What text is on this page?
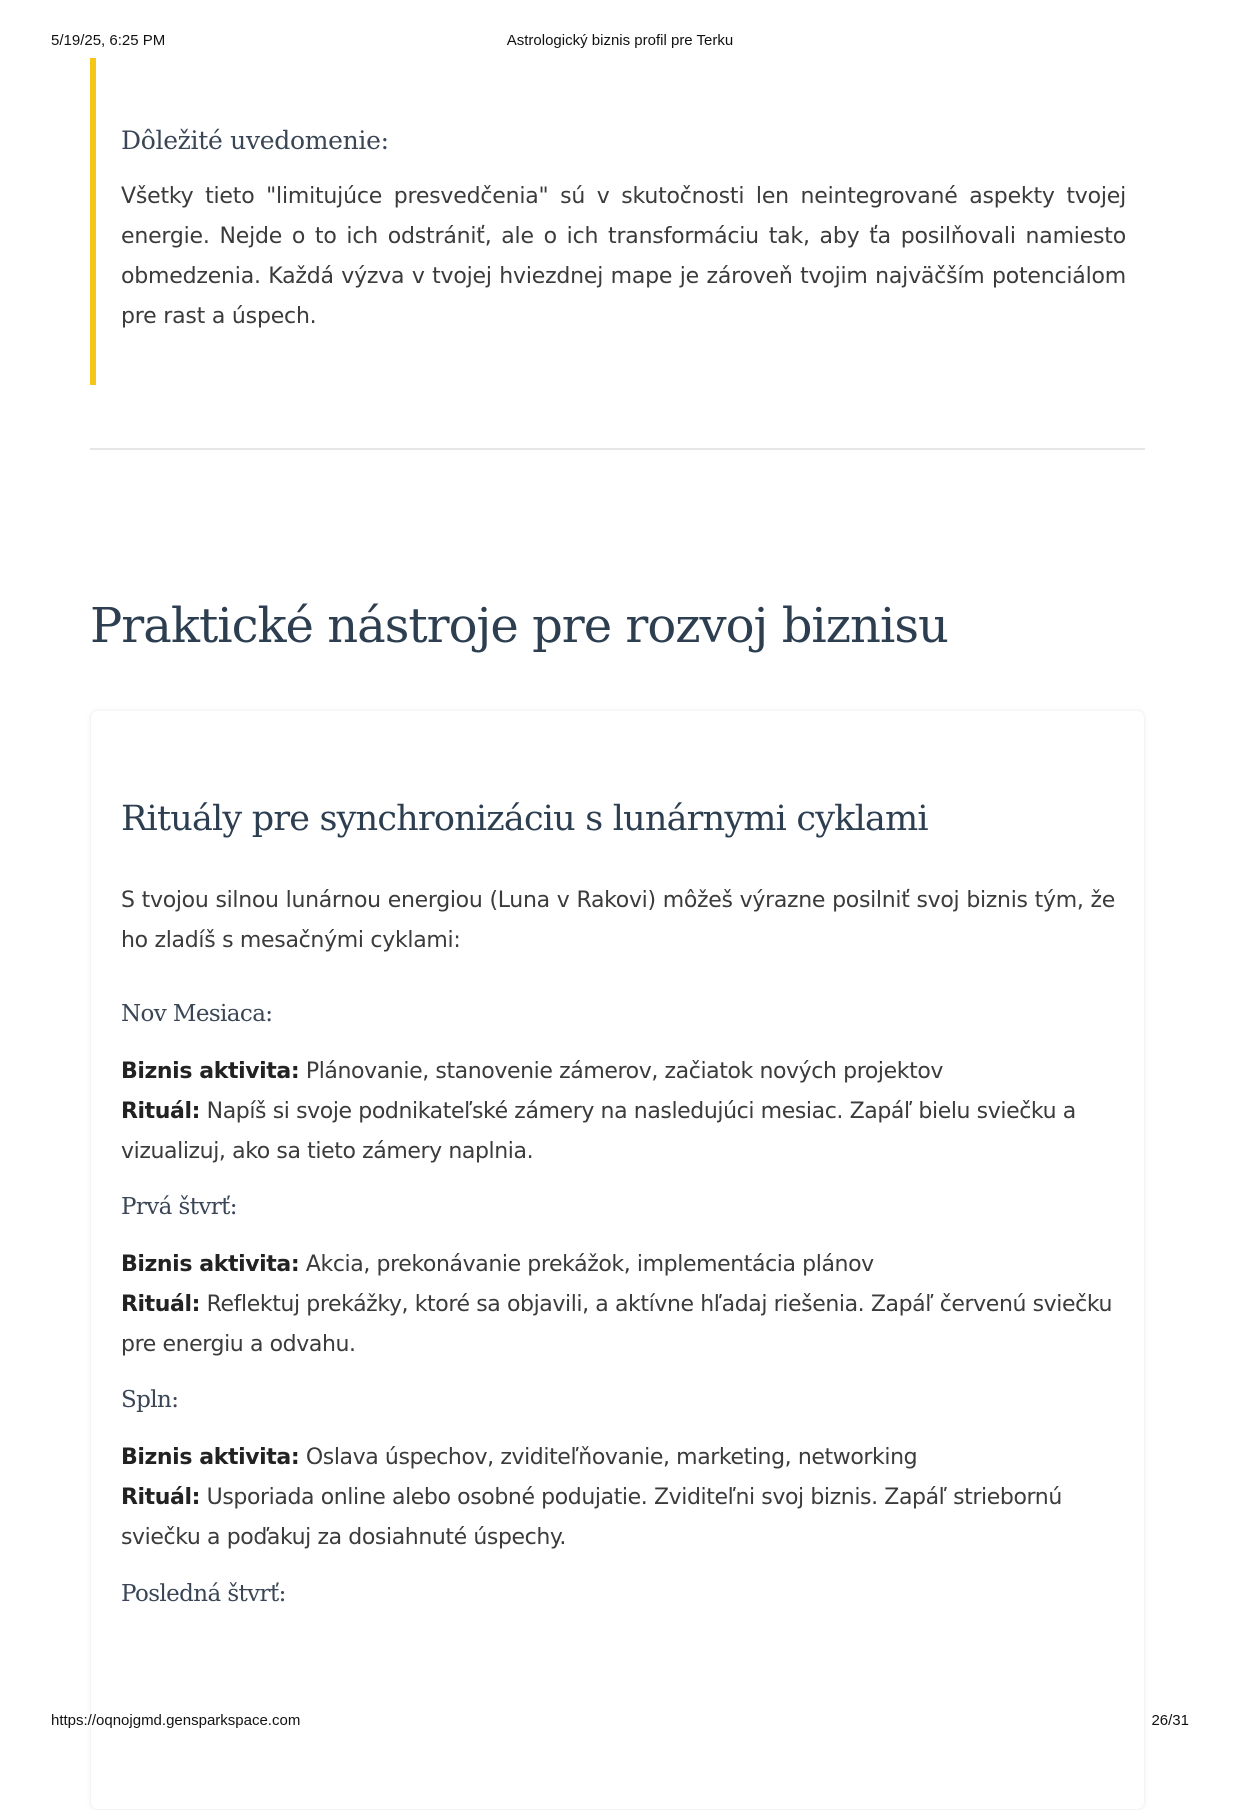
5/19/25, 6:25 PM	Astrologický biznis profil pre Terku
Dôležité uvedomenie:
Všetky tieto "limitujúce presvedčenia" sú v skutočnosti len neintegrované aspekty tvojej energie. Nejde o to ich odstrániť, ale o ich transformáciu tak, aby ťa posilňovali namiesto obmedzenia. Každá výzva v tvojej hviezdnej mape je zároveň tvojim najväčším potenciálom pre rast a úspech.
Praktické nástroje pre rozvoj biznisu
Rituály pre synchronizáciu s lunárnymi cyklami

S tvojou silnou lunárnou energiou (Luna v Rakovi) môžeš výrazne posilniť svoj biznis tým, že ho zladíš s mesačnými cyklami:

Nov Mesiaca:
Biznis aktivita: Plánovanie, stanovenie zámerov, začiatok nových projektov
Rituál: Napíš si svoje podnikateľské zámery na nasledujúci mesiac. Zapáľ bielu sviečku a vizualizuj, ako sa tieto zámery naplnia.
Prvá štvrť:
Biznis aktivita: Akcia, prekonávanie prekážok, implementácia plánov
Rituál: Reflektuj prekážky, ktoré sa objavili, a aktívne hľadaj riešenia. Zapáľ červenú sviečku pre energiu a odvahu.
Spln:
Biznis aktivita: Oslava úspechov, zviditeľňovanie, marketing, networking
Rituál: Usporiada online alebo osobné podujatie. Zviditeľni svoj biznis. Zapáľ striebornú sviečku a poďakuj za dosiahnuté úspechy.
Posledná štvrť:
https://oqnojgmd.gensparkspace.com	26/31
